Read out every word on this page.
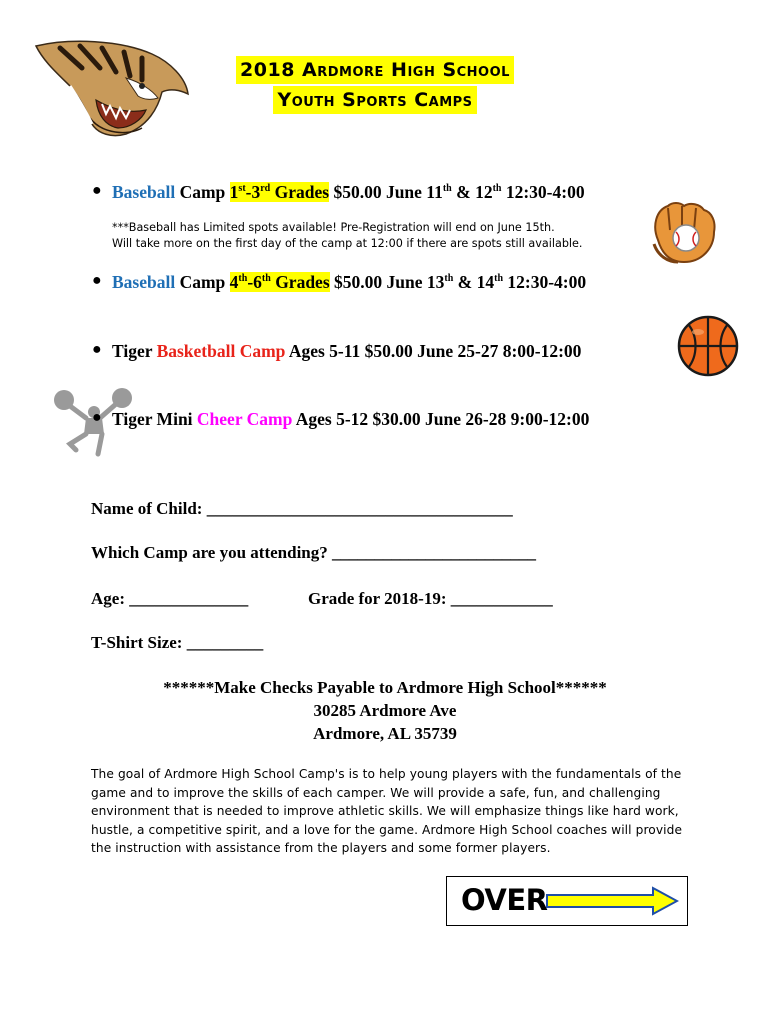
2018 Ardmore High School
Youth Sports Camps
● Baseball Camp 1st-3rd Grades $50.00 June 11th & 12th 12:30-4:00
***Baseball has Limited spots available! Pre-Registration will end on June 15th.
Will take more on the first day of the camp at 12:00 if there are spots still available.
● Baseball Camp 4th-6th Grades $50.00 June 13th & 14th 12:30-4:00
● Tiger Basketball Camp Ages 5-11 $50.00 June 25-27 8:00-12:00
● Tiger Mini Cheer Camp Ages 5-12 $30.00 June 26-28 9:00-12:00
Name of Child: ____________________________________
Which Camp are you attending? ________________________
Age: ______________	Grade for 2018-19: ____________
T-Shirt Size: _________
******Make Checks Payable to Ardmore High School******
30285 Ardmore Ave
Ardmore, AL 35739
The goal of Ardmore High School Camp's is to help young players with the fundamentals of the game and to improve the skills of each camper. We will provide a safe, fun, and challenging environment that is needed to improve athletic skills. We will emphasize things like hard work, hustle, a competitive spirit, and a love for the game. Ardmore High School coaches will provide the instruction with assistance from the players and some former players.
OVER
